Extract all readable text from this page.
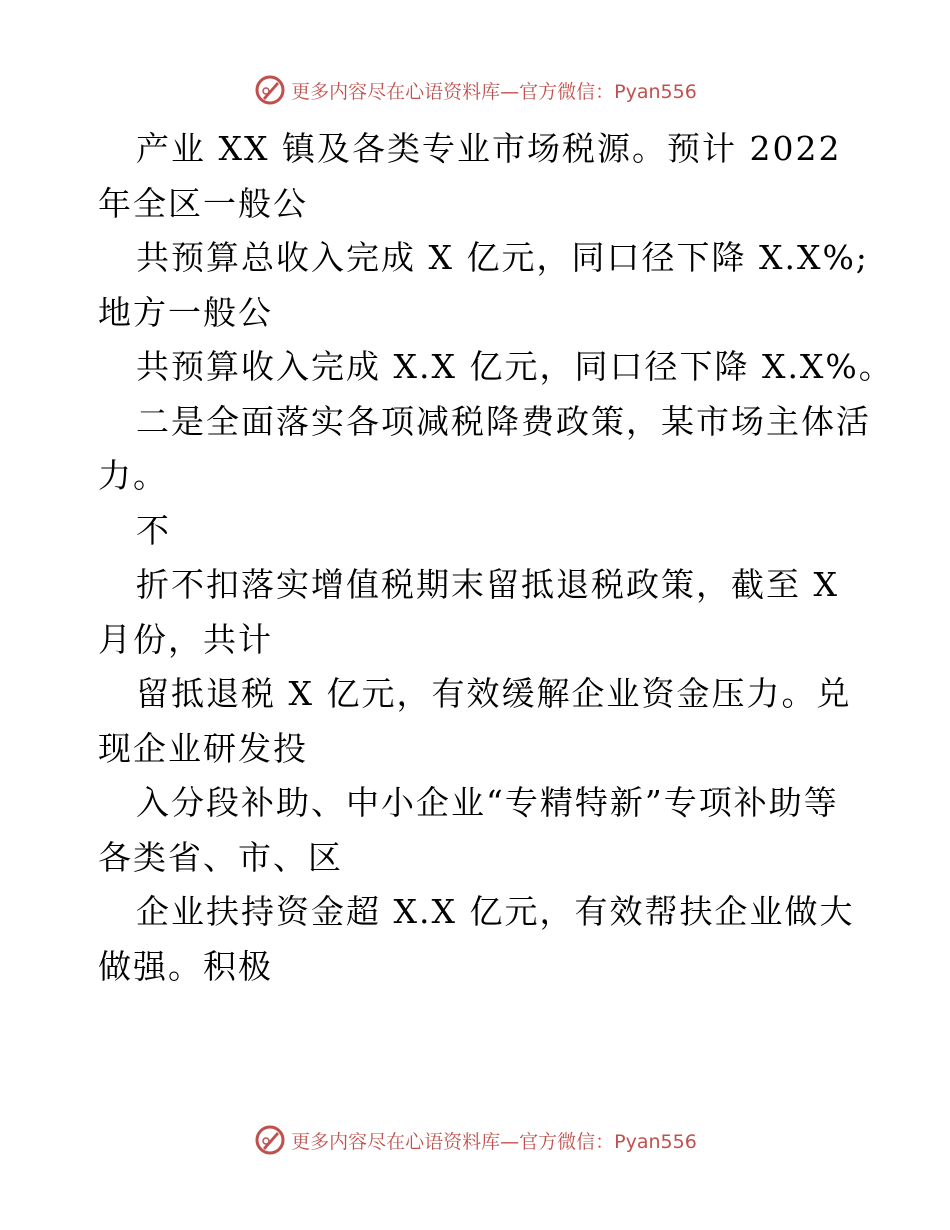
更多内容尽在心语资料库—官方微信：Pyan556
产业 XX 镇及各类专业市场税源。预计 2022
年全区一般公
共预算总收入完成 X 亿元，同口径下降 X.X%;
地方一般公
共预算收入完成 X.X 亿元，同口径下降 X.X%。
二是全面落实各项减税降费政策，某市场主体活
力。
不
折不扣落实增值税期末留抵退税政策，截至 X
月份，共计
留抵退税 X 亿元，有效缓解企业资金压力。兑
现企业研发投
入分段补助、中小企业“专精特新”专项补助等
各类省、市、区
企业扶持资金超 X.X 亿元，有效帮扶企业做大
做强。积极
更多内容尽在心语资料库—官方微信：Pyan556
